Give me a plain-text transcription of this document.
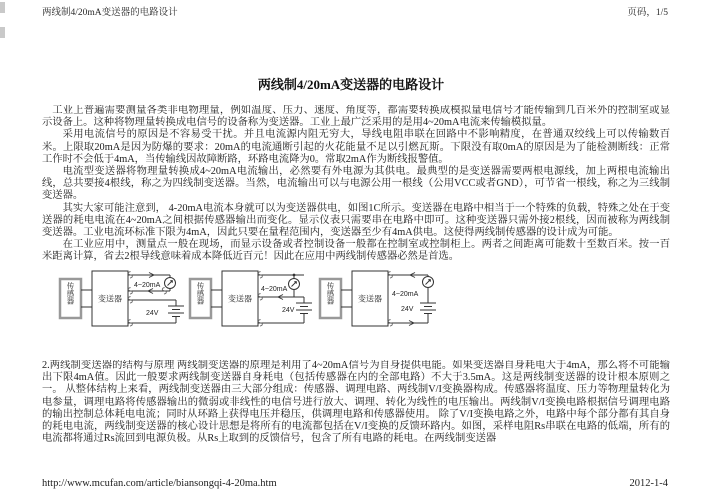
两线制4/20mA变送器的电路设计	页码，1/5
两线制4/20mA变送器的电路设计

工业上普遍需要测量各类非电物理量，例如温度、压力、速度、角度等，都需要转换成模拟量电信号才能传输到几百米外的控制室或显示设备上。这种将物理量转换成电信号的设备称为变送器。工业上最广泛采用的是用4~20mA电流来传输模拟量。

采用电流信号的原因是不容易受干扰。并且电流源内阻无穷大，导线电阻串联在回路中不影响精度，在普通双绞线上可以传输数百米。上限取20mA是因为防爆的要求：20mA的电流通断引起的火花能量不足以引燃瓦斯。下限没有取0mA的原因是为了能检测断线：正常工作时不会低于4mA，当传输线因故障断路，环路电流降为0。常取2mA作为断线报警值。

电流型变送器将物理量转换成4~20mA电流输出，必然要有外电源为其供电。最典型的是变送器需要两根电源线，加上两根电流输出线，总共要接4根线，称之为四线制变送器。当然，电流输出可以与电源公用一根线（公用VCC或者GND），可节省一根线，称之为三线制变送器。

其实大家可能注意到， 4-20mA电流本身就可以为变送器供电，如图1C所示。变送器在电路中相当于一个特殊的负载，特殊之处在于变送器的耗电电流在4~20mA之间根据传感器输出而变化。显示仪表只需要串在电路中即可。这种变送器只需外接2根线，因而被称为两线制变送器。工业电流环标准下限为4mA，因此只要在量程范围内，变送器至少有4mA供电。这使得两线制传感器的设计成为可能。

在工业应用中，测量点一般在现场，而显示设备或者控制设备一般都在控制室或控制柜上。两者之间距离可能数十至数百米。按一百米距离计算，省去2根导线意味着成本降低近百元！因此在应用中两线制传感器必然是首选。

传感器	变送器
4~20mA
24V
传感器	变送器
4~20mA
24V
传感器	变送器 4~20mA
24V

2.两线制变送器的结构与原理 两线制变送器的原理是利用了4~20mA信号为自身提供电能。如果变送器自身耗电大于4mA，那么将不可能输出下限4mA值。因此一般要求两线制变送器自身耗电（包括传感器在内的全部电路）不大于3.5mA。这是两线制变送器的设计根本原则之一。 从整体结构上来看，两线制变送器由三大部分组成：传感器、调理电路、两线制V/I变换器构成。传感器将温度、压力等物理量转化为电参量，调理电路将传感器输出的微弱或非线性的电信号进行放大、调理、转化为线性的电压输出。两线制V/I变换电路根据信号调理电路的输出控制总体耗电电流；同时从环路上获得电压并稳压，供调理电路和传感器使用。 除了V/I变换电路之外，电路中每个部分都有其自身的耗电电流，两线制变送器的核心设计思想是将所有的电流都包括在V/I变换的反馈环路内。如图，采样电阻Rs串联在电路的低端，所有的电流都将通过Rs流回到电源负极。从Rs上取到的反馈信号，包含了所有电路的耗电。在两线制变送器

http://www.mcufan.com/article/biansongqi-4-20ma.htm	2012-1-4
